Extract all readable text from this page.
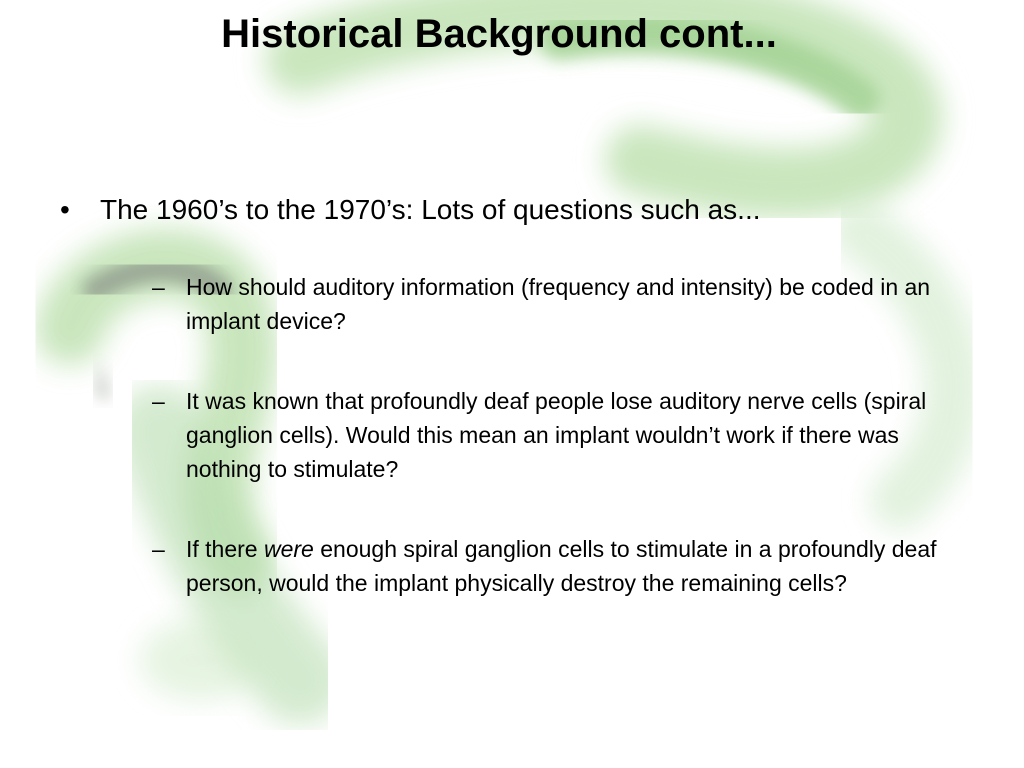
Historical Background cont...
• The 1960’s to the 1970’s: Lots of questions such as...
– How should auditory information (frequency and intensity) be coded in an implant device?
– It was known that profoundly deaf people lose auditory nerve cells (spiral ganglion cells). Would this mean an implant wouldn’t work if there was nothing to stimulate?
– If there were enough spiral ganglion cells to stimulate in a profoundly deaf person, would the implant physically destroy the remaining cells?
